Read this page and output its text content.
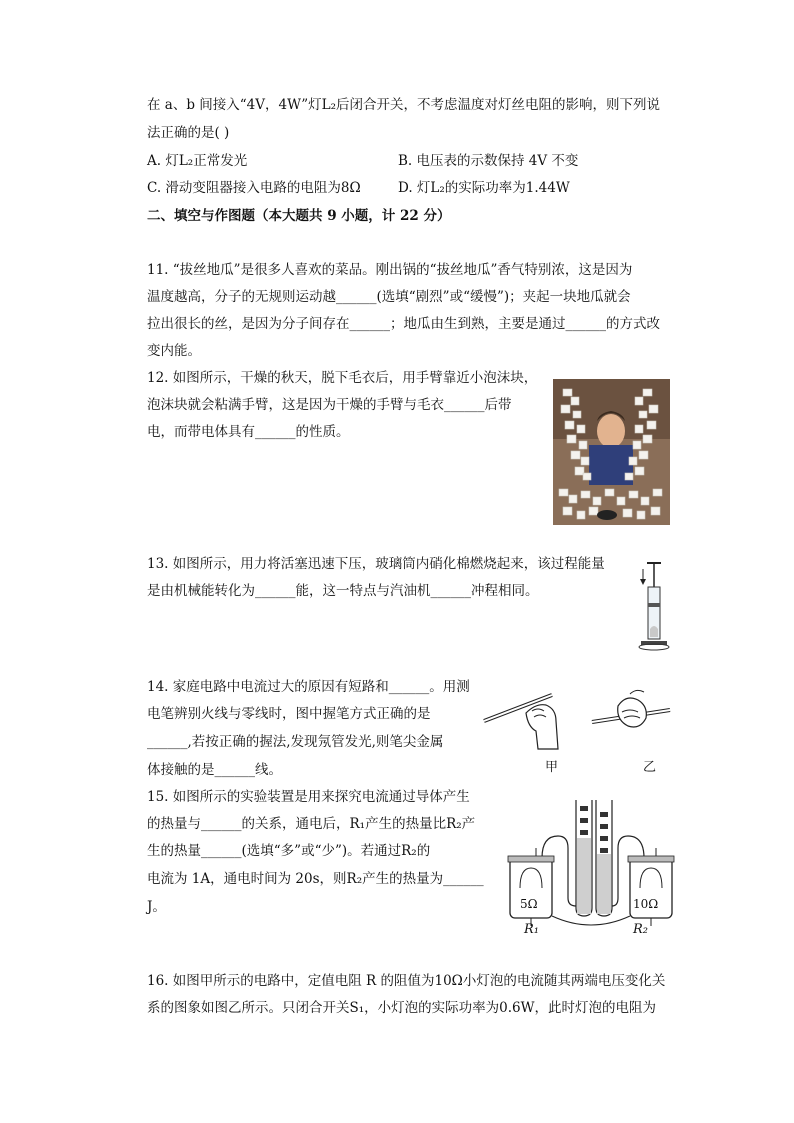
在 a、b 间接入“4V，4W”灯L₂后闭合开关，不考虑温度对灯丝电阻的影响，则下列说
法正确的是( )
A. 灯L₂正常发光	B. 电压表的示数保持 4V 不变
C. 滑动变阻器接入电路的电阻为8Ω	D. 灯L₂的实际功率为1.44W
二、填空与作图题（本大题共 9 小题，计 22 分）
11. “拔丝地瓜”是很多人喜欢的菜品。刚出锅的“拔丝地瓜”香气特别浓，这是因为
温度越高，分子的无规则运动越______(选填“剧烈”或“缓慢”)；夹起一块地瓜就会
拉出很长的丝，是因为分子间存在______；地瓜由生到熟，主要是通过______的方式改
变内能。
12. 如图所示，干燥的秋天，脱下毛衣后，用手臂靠近小泡沫块，
泡沫块就会粘满手臂，这是因为干燥的手臂与毛衣______后带
电，而带电体具有______的性质。
13. 如图所示，用力将活塞迅速下压，玻璃筒内硝化棉燃烧起来，该过程能量
是由机械能转化为______能，这一特点与汽油机______冲程相同。
14. 家庭电路中电流过大的原因有短路和______。用测
电笔辨别火线与零线时，图中握笔方式正确的是
______,若按正确的握法,发现氖管发光,则笔尖金属
体接触的是______线。	甲	乙
15. 如图所示的实验装置是用来探究电流通过导体产生
的热量与______的关系，通电后，R₁产生的热量比R₂产
生的热量______(选填“多”或“少”)。若通过R₂的
电流为 1A，通电时间为 20s，则R₂产生的热量为______
J。	5Ω	10Ω
R₁	R₂
16. 如图甲所示的电路中，定值电阻 R 的阻值为10Ω小灯泡的电流随其两端电压变化关
系的图象如图乙所示。只闭合开关S₁，小灯泡的实际功率为0.6W，此时灯泡的电阻为
